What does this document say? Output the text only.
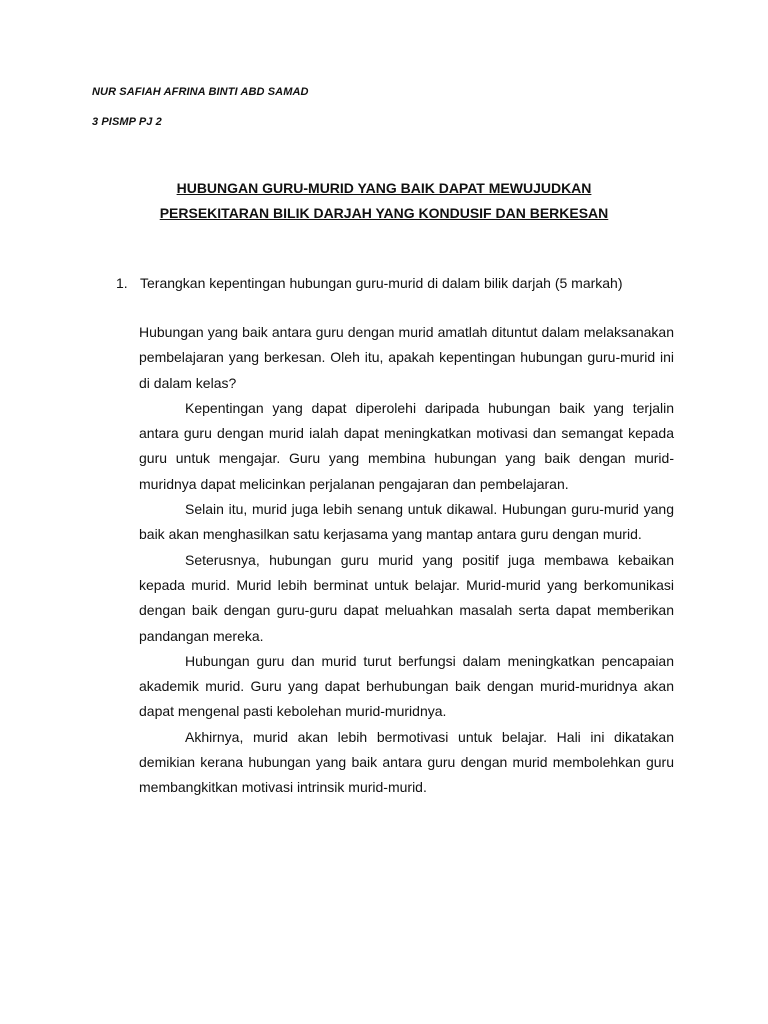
NUR SAFIAH AFRINA BINTI ABD SAMAD
3 PISMP PJ 2
HUBUNGAN GURU-MURID YANG BAIK DAPAT MEWUJUDKAN
PERSEKITARAN BILIK DARJAH YANG KONDUSIF DAN BERKESAN
1. Terangkan kepentingan hubungan guru-murid di dalam bilik darjah (5 markah)

Hubungan yang baik antara guru dengan murid amatlah dituntut dalam melaksanakan pembelajaran yang berkesan. Oleh itu, apakah kepentingan hubungan guru-murid ini di dalam kelas?

Kepentingan yang dapat diperolehi daripada hubungan baik yang terjalin antara guru dengan murid ialah dapat meningkatkan motivasi dan semangat kepada guru untuk mengajar. Guru yang membina hubungan yang baik dengan murid-muridnya dapat melicinkan perjalanan pengajaran dan pembelajaran.

Selain itu, murid juga lebih senang untuk dikawal. Hubungan guru-murid yang baik akan menghasilkan satu kerjasama yang mantap antara guru dengan murid.

Seterusnya, hubungan guru murid yang positif juga membawa kebaikan kepada murid. Murid lebih berminat untuk belajar. Murid-murid yang berkomunikasi dengan baik dengan guru-guru dapat meluahkan masalah serta dapat memberikan pandangan mereka.

Hubungan guru dan murid turut berfungsi dalam meningkatkan pencapaian akademik murid. Guru yang dapat berhubungan baik dengan murid-muridnya akan dapat mengenal pasti kebolehan murid-muridnya.

Akhirnya, murid akan lebih bermotivasi untuk belajar. Hali ini dikatakan demikian kerana hubungan yang baik antara guru dengan murid membolehkan guru membangkitkan motivasi intrinsik murid-murid.
